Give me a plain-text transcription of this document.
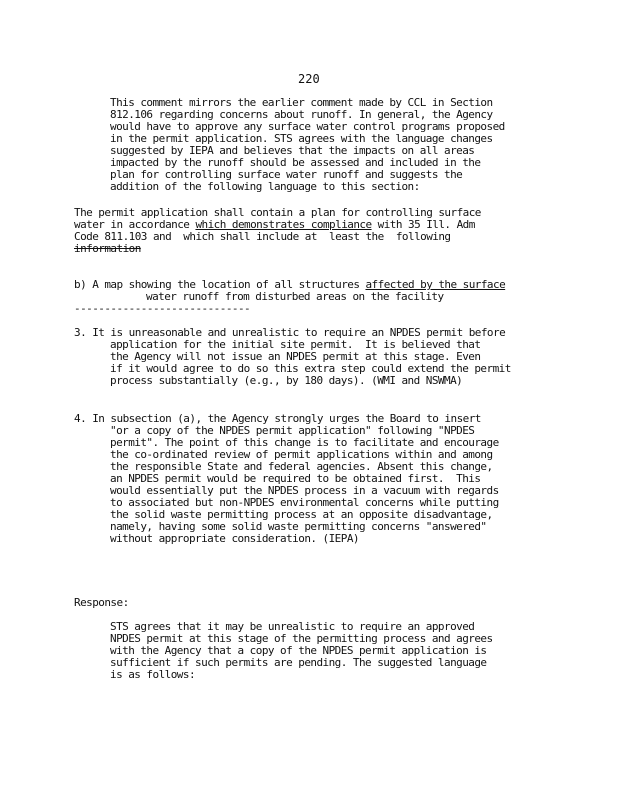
220
This comment mirrors the earlier comment made by CCL in Section
812.106 regarding concerns about runoff. In general, the Agency
would have to approve any surface water control programs proposed
in the permit application. STS agrees with the language changes
suggested by IEPA and believes that the impacts on all areas
impacted by the runoff should be assessed and included in the
plan for controlling surface water runoff and suggests the
addition of the following language to this section:
The permit application shall contain a plan for controlling surface
water in accordance which demonstrates compliance with 35 Ill. Adm
Code 811.103 and  which shall include at  least the  following
information
b) A map showing the location of all structures affected by the surface
water runoff from disturbed areas on the facility
-----------------------------
3. It is unreasonable and unrealistic to require an NPDES permit before
application for the initial site permit.  It is believed that
the Agency will not issue an NPDES permit at this stage. Even
if it would agree to do so this extra step could extend the permit
process substantially (e.g., by 180 days). (WMI and NSWMA)
4. In subsection (a), the Agency strongly urges the Board to insert
"or a copy of the NPDES permit application" following "NPDES
permit". The point of this change is to facilitate and encourage
the co-ordinated review of permit applications within and among
the responsible State and federal agencies. Absent this change,
an NPDES permit would be required to be obtained first.  This
would essentially put the NPDES process in a vacuum with regards
to associated but non-NPDES environmental concerns while putting
the solid waste permitting process at an opposite disadvantage,
namely, having some solid waste permitting concerns "answered"
without appropriate consideration. (IEPA)
Response:
STS agrees that it may be unrealistic to require an approved
NPDES permit at this stage of the permitting process and agrees
with the Agency that a copy of the NPDES permit application is
sufficient if such permits are pending. The suggested language
is as follows:
